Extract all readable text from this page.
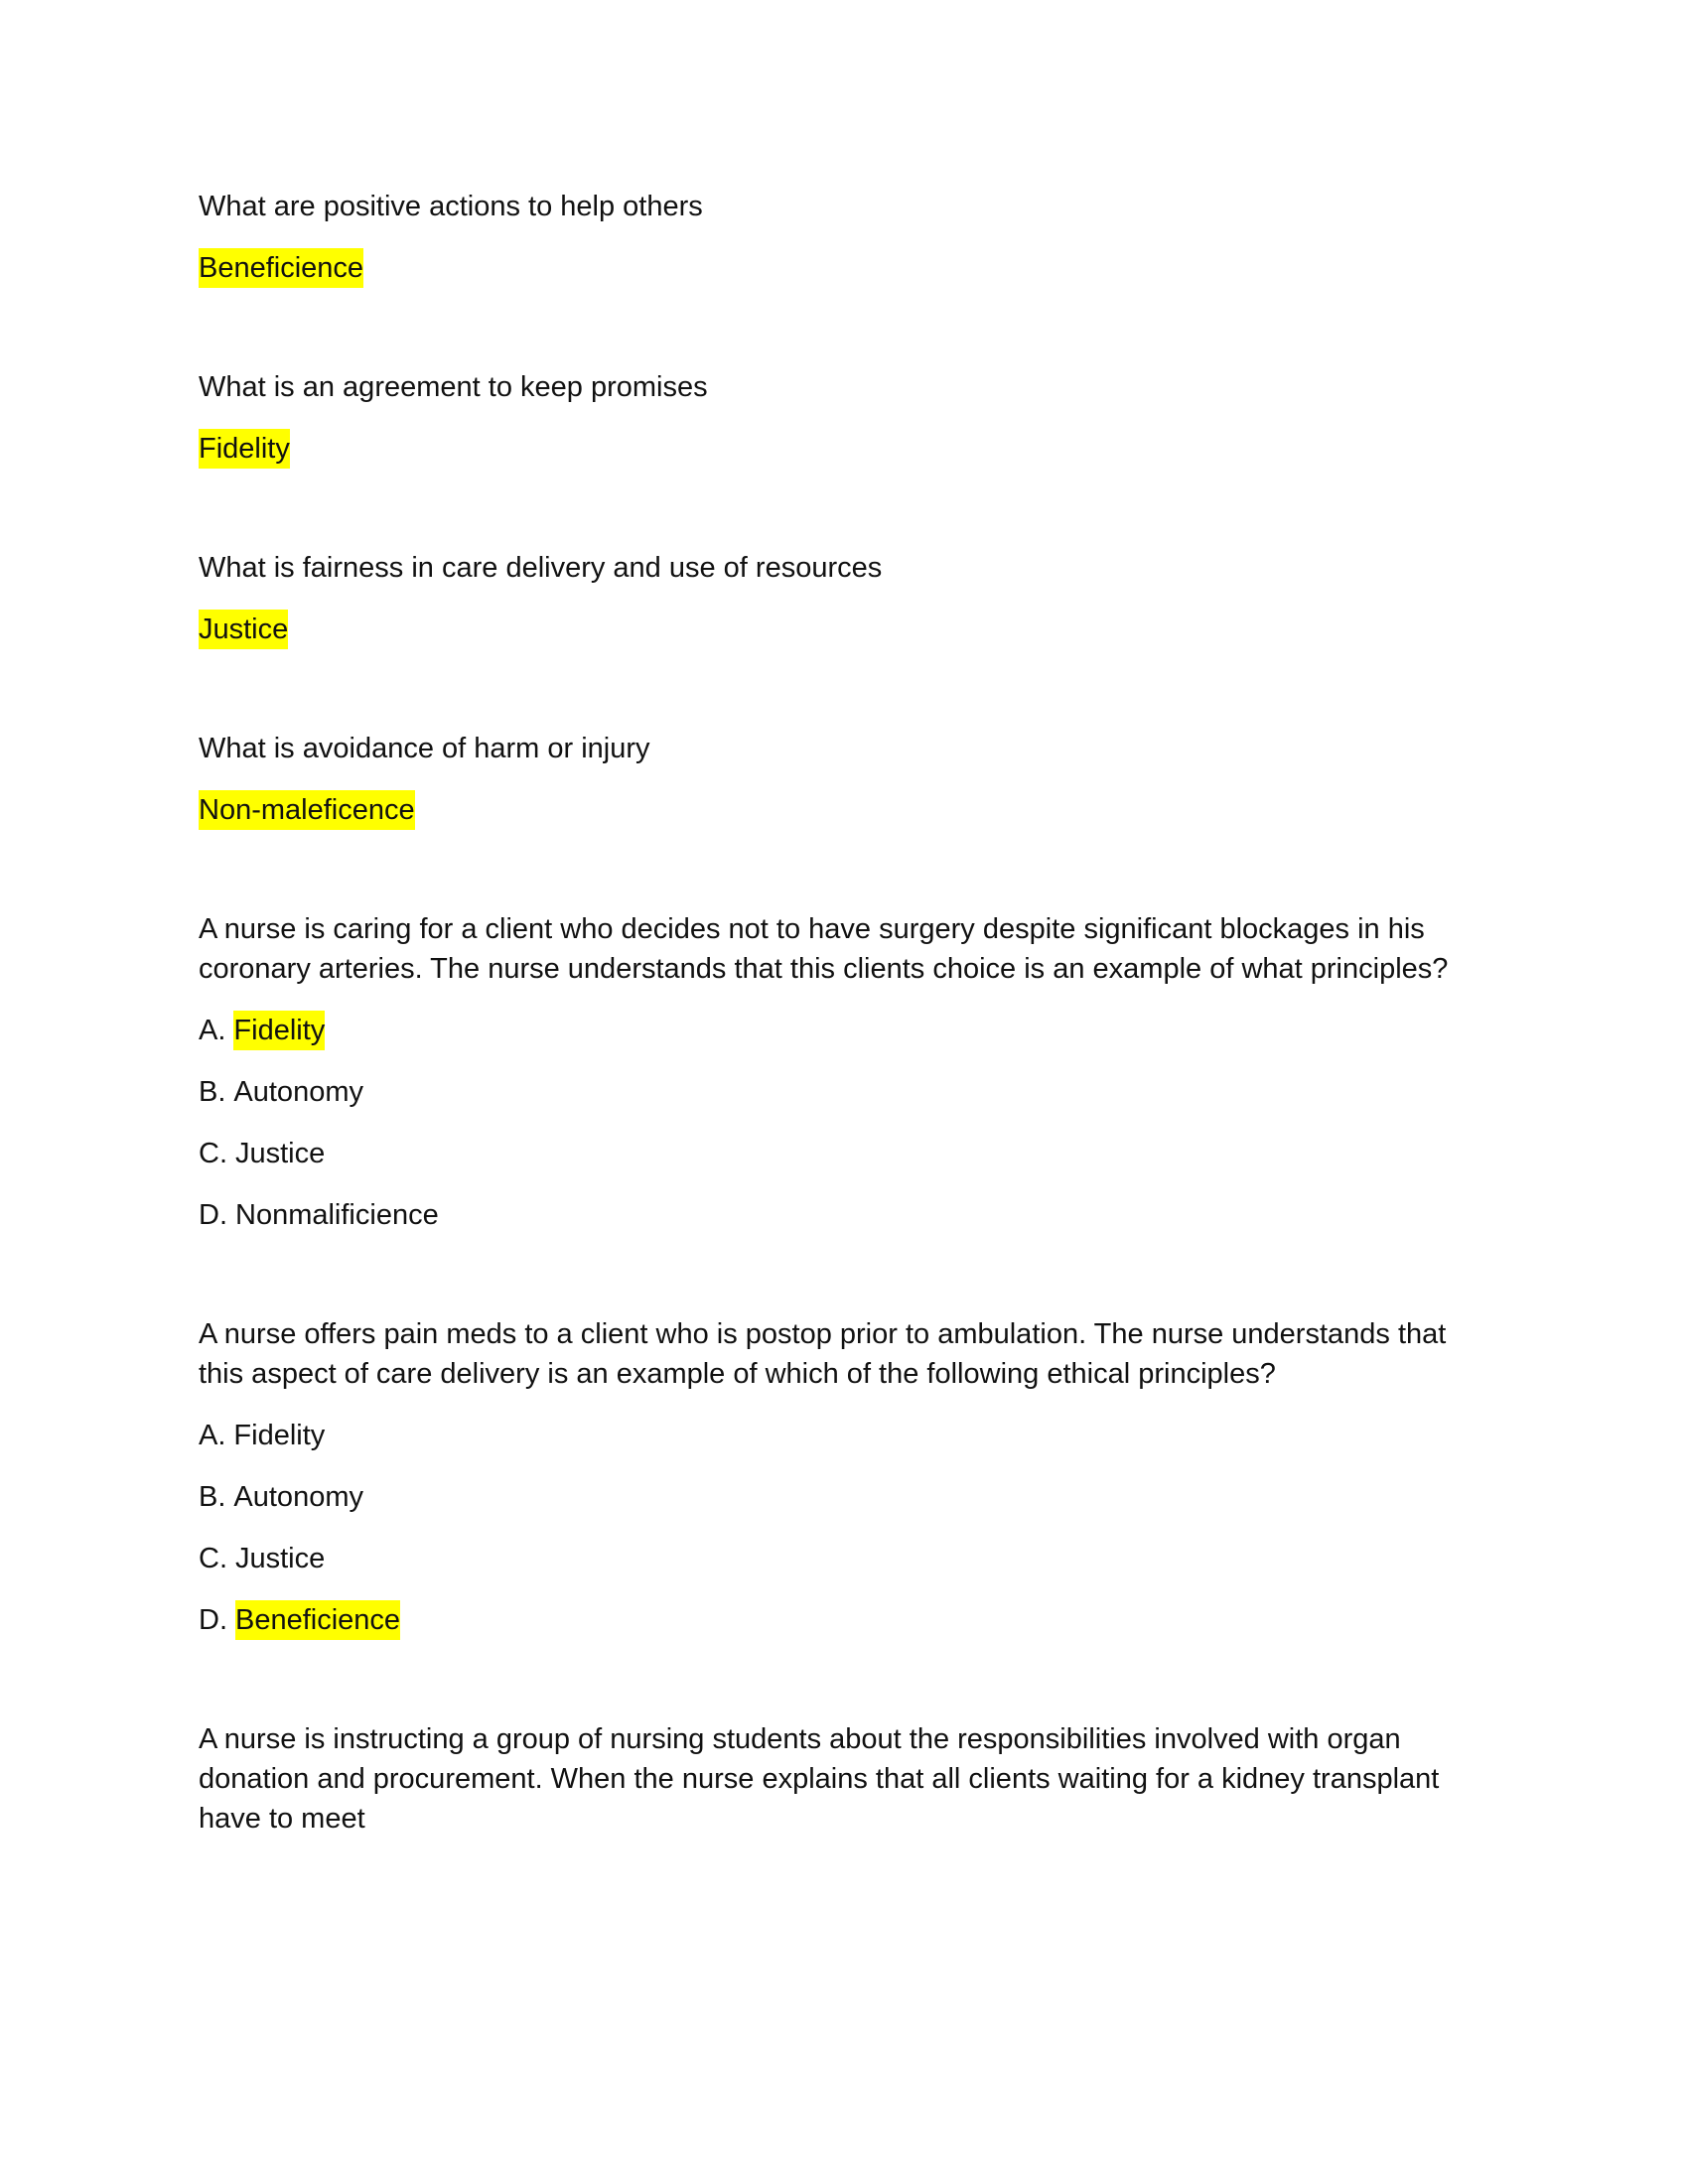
What are positive actions to help others

Beneficience

What is an agreement to keep promises

Fidelity

What is fairness in care delivery and use of resources

Justice

What is avoidance of harm or injury

Non-maleficence

A nurse is caring for a client who decides not to have surgery despite significant blockages in his coronary arteries. The nurse understands that this clients choice is an example of what principles?

A. Fidelity

B. Autonomy

C. Justice

D. Nonmalificience

A nurse offers pain meds to a client who is postop prior to ambulation. The nurse understands that this aspect of care delivery is an example of which of the following ethical principles?

A. Fidelity

B. Autonomy

C. Justice

D. Beneficience

A nurse is instructing a group of nursing students about the responsibilities involved with organ donation and procurement. When the nurse explains that all clients waiting for a kidney transplant have to meet
